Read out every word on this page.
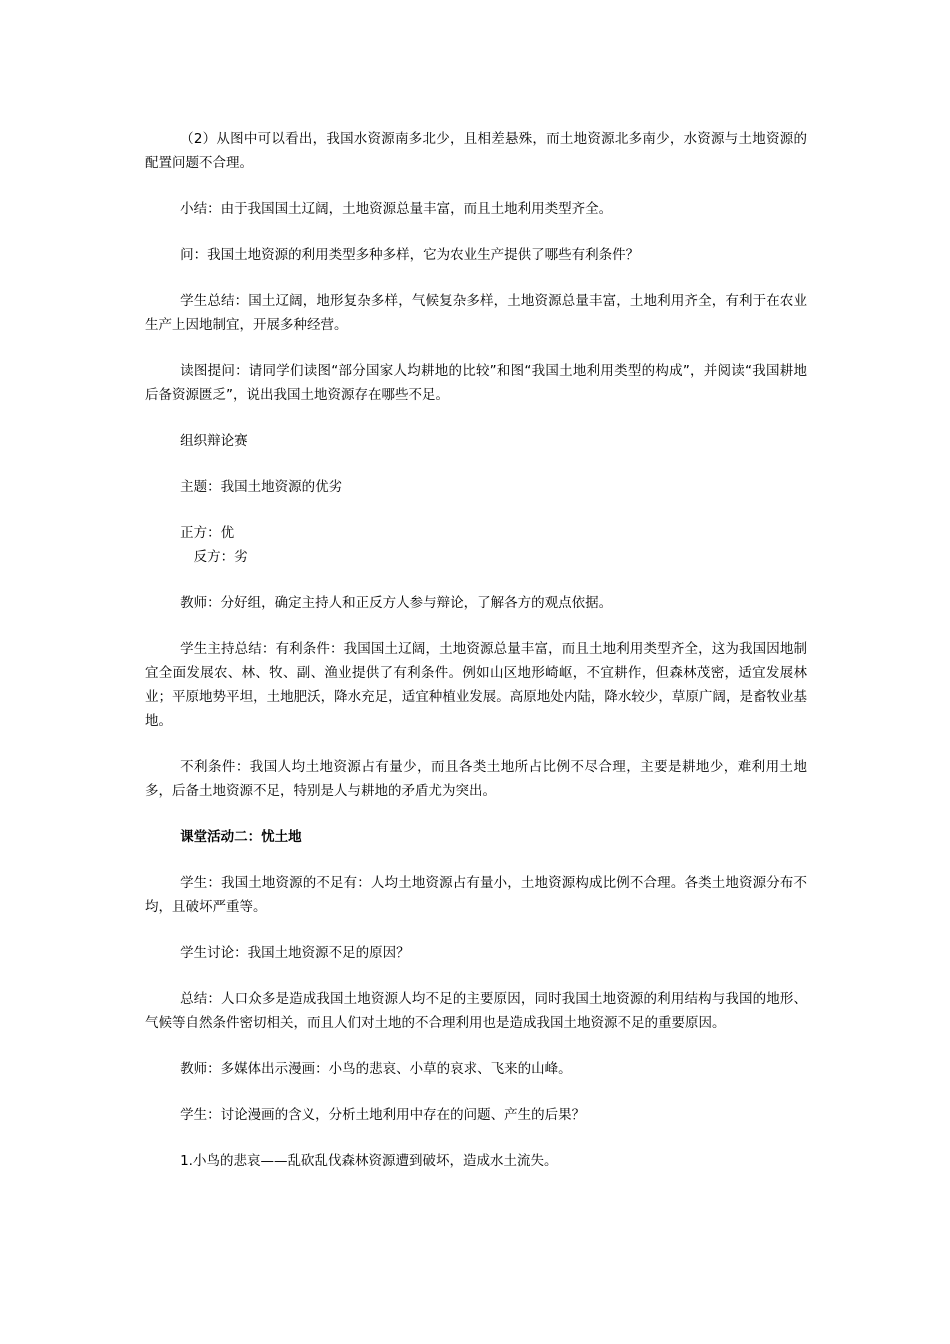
（2）从图中可以看出，我国水资源南多北少，且相差悬殊，而土地资源北多南少，水资源与土地资源的配置问题不合理。

小结：由于我国国土辽阔，土地资源总量丰富，而且土地利用类型齐全。

问：我国土地资源的利用类型多种多样，它为农业生产提供了哪些有利条件？

学生总结：国土辽阔，地形复杂多样，气候复杂多样，土地资源总量丰富，土地利用齐全，有利于在农业生产上因地制宜，开展多种经营。

读图提问：请同学们读图“部分国家人均耕地的比较”和图“我国土地利用类型的构成”，并阅读“我国耕地后备资源匮乏”，说出我国土地资源存在哪些不足。

组织辩论赛

主题：我国土地资源的优劣

正方：优

反方：劣

教师：分好组，确定主持人和正反方人参与辩论，了解各方的观点依据。

学生主持总结：有利条件：我国国土辽阔，土地资源总量丰富，而且土地利用类型齐全，这为我国因地制宜全面发展农、林、牧、副、渔业提供了有利条件。例如山区地形崎岖，不宜耕作，但森林茂密，适宜发展林业；平原地势平坦，土地肥沃，降水充足，适宜种植业发展。高原地处内陆，降水较少，草原广阔，是畜牧业基地。

不利条件：我国人均土地资源占有量少，而且各类土地所占比例不尽合理，主要是耕地少，难利用土地多，后备土地资源不足，特别是人与耕地的矛盾尤为突出。

课堂活动二：忧土地

学生：我国土地资源的不足有：人均土地资源占有量小，土地资源构成比例不合理。各类土地资源分布不均，且破坏严重等。

学生讨论：我国土地资源不足的原因？

总结：人口众多是造成我国土地资源人均不足的主要原因，同时我国土地资源的利用结构与我国的地形、气候等自然条件密切相关，而且人们对土地的不合理利用也是造成我国土地资源不足的重要原因。

教师：多媒体出示漫画：小鸟的悲哀、小草的哀求、飞来的山峰。

学生：讨论漫画的含义，分析土地利用中存在的问题、产生的后果？

1.小鸟的悲哀——乱砍乱伐森林资源遭到破坏，造成水土流失。
